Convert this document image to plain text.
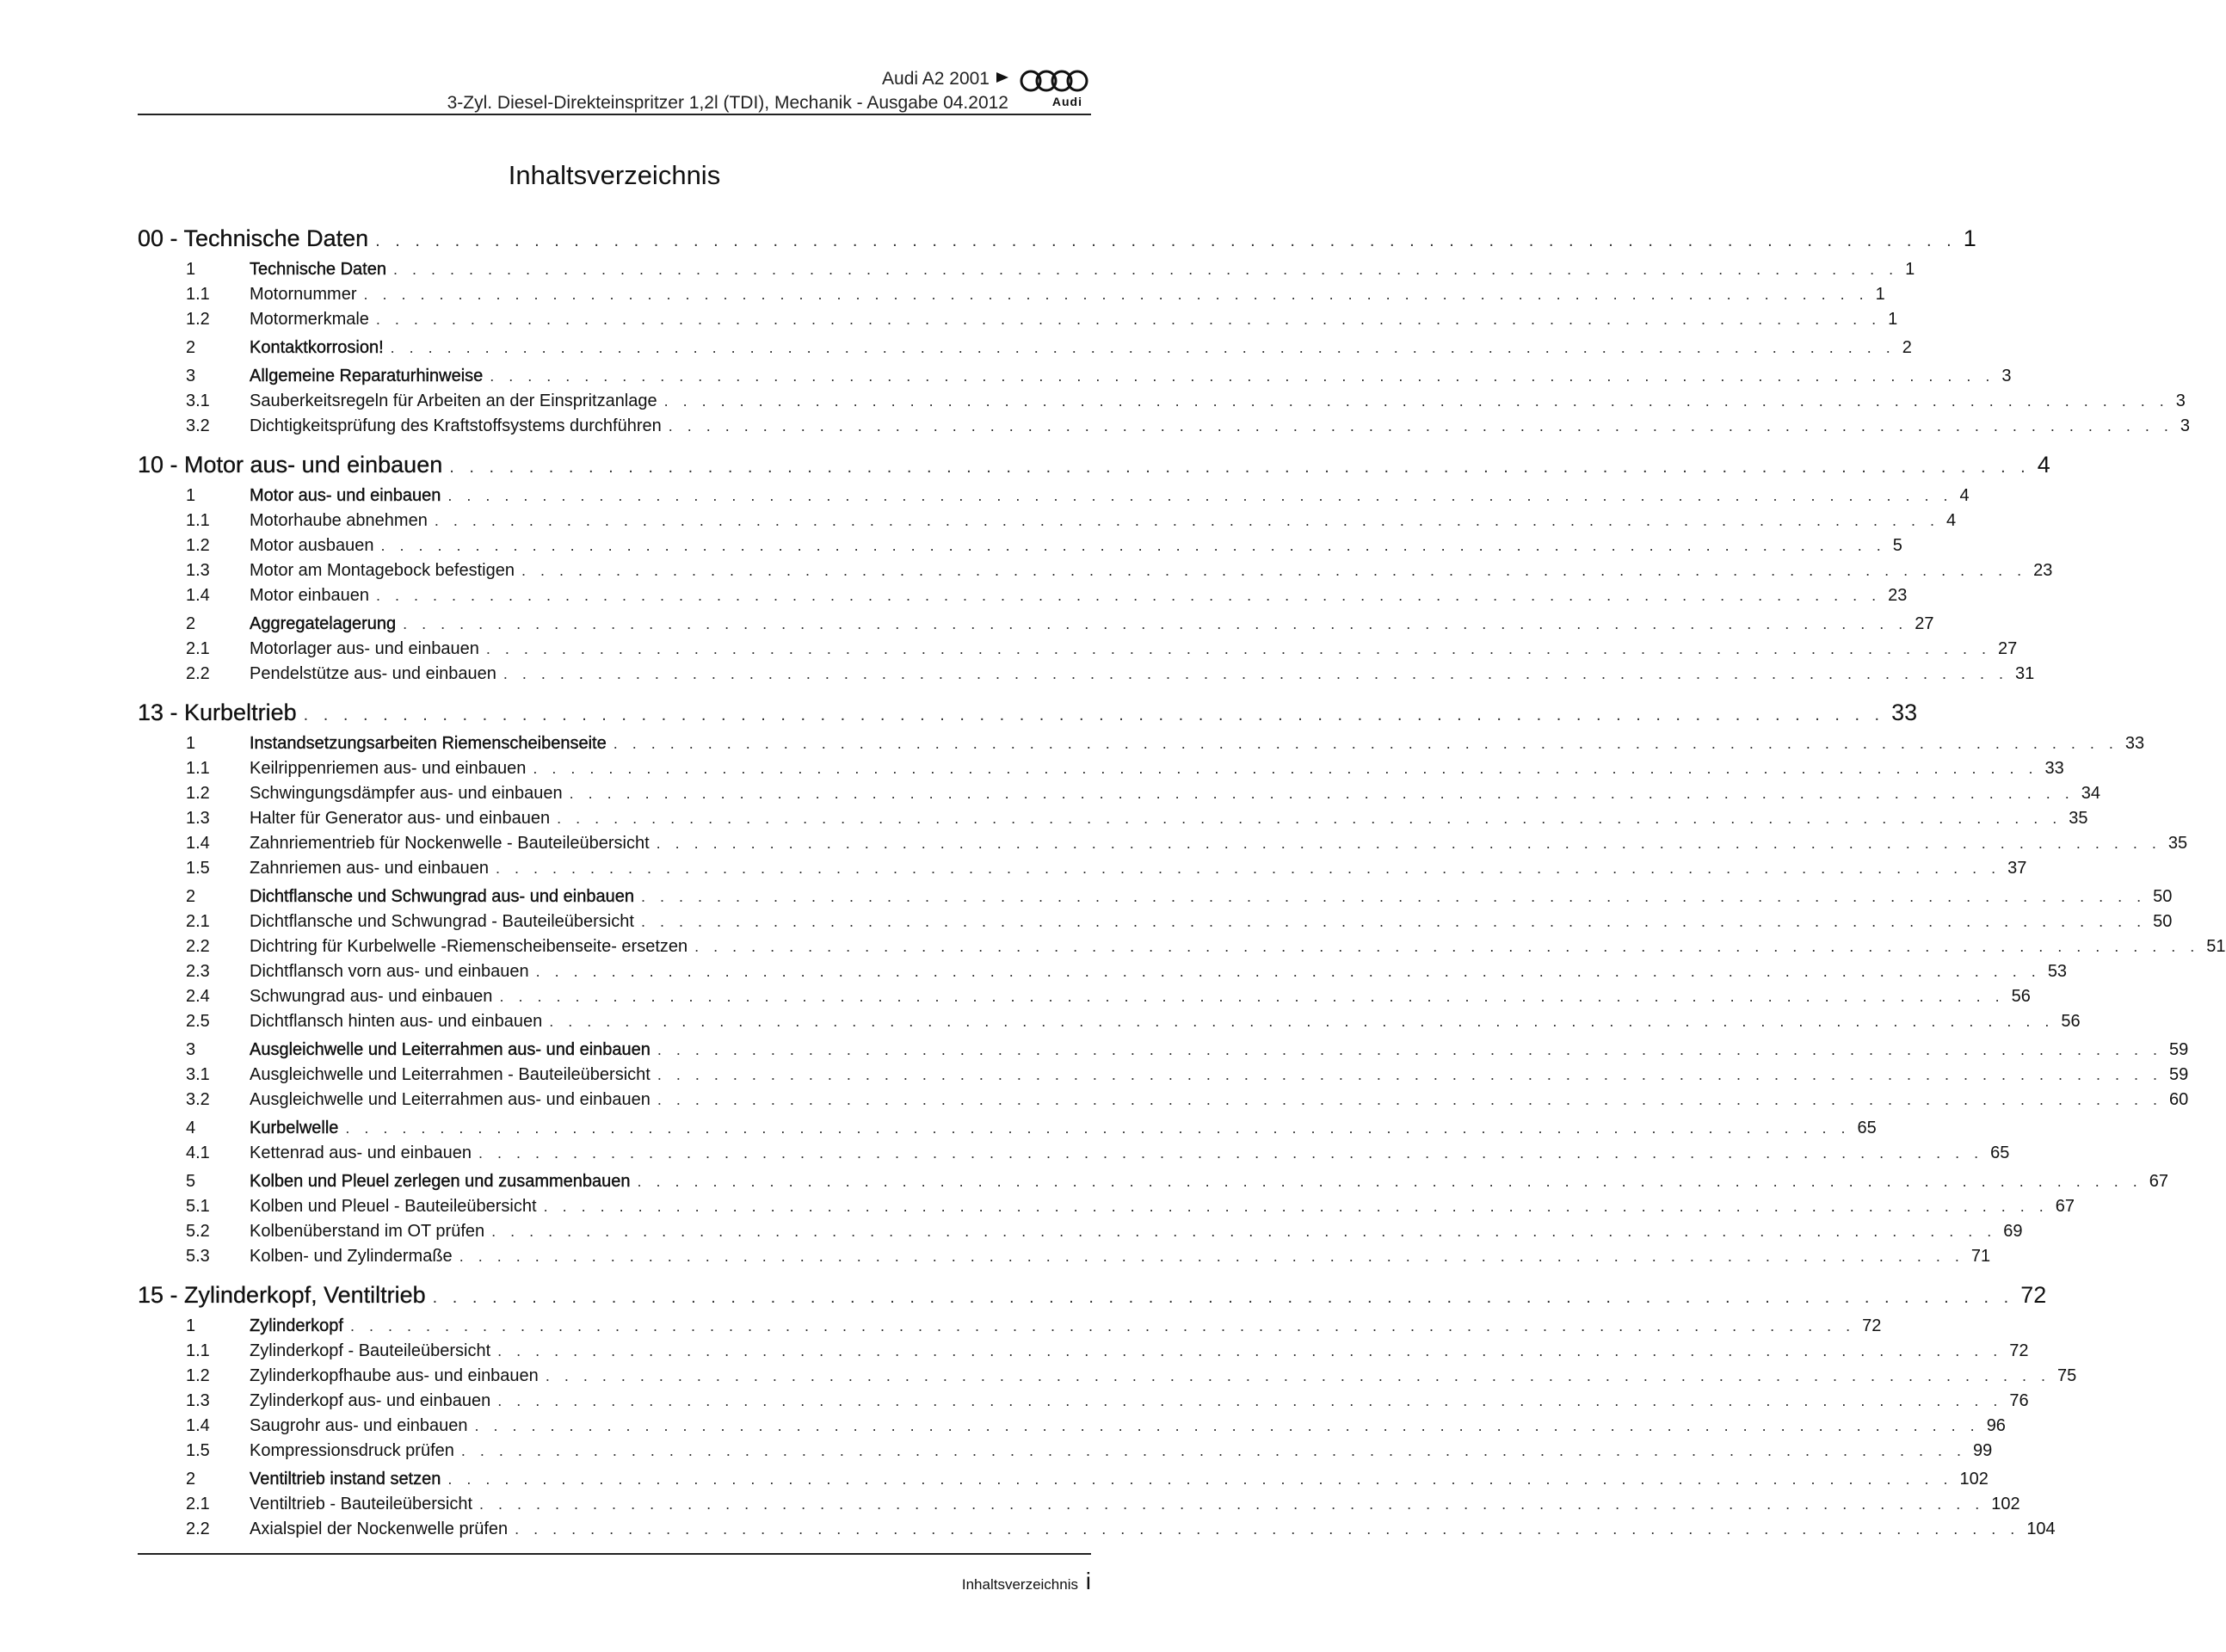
Audi A2 2001
3-Zyl. Diesel-Direkteinspritzer 1,2l (TDI), Mechanik - Ausgabe 04.2012	Audi
Inhaltsverzeichnis
00 - Technische Daten . . . . . . . . . . . . . . . . . . . . . . . . . . . . . . . . . . . . . . . . . . . . . . . . . . . . . . . . . . . . . . . . . . . . . . . . . . . . . . . . 1
1	Technische Daten . . . . . . . . . . . . . . . . . . . . . . . . . . . . . . . . . . . . . . . . . . . . . . . . . . . . . . . . . . . . . . . . . . . . . . . . . . . . . . . . 1
1.1 Motornummer . . . . . . . . . . . . . . . . . . . . . . . . . . . . . . . . . . . . . . . . . . . . . . . . . . . . . . . . . . . . . . . . . . . . . . . . . . . . . . . . 1
1.2 Motormerkmale . . . . . . . . . . . . . . . . . . . . . . . . . . . . . . . . . . . . . . . . . . . . . . . . . . . . . . . . . . . . . . . . . . . . . . . . . . . . . . . . 1
2	Kontaktkorrosion! . . . . . . . . . . . . . . . . . . . . . . . . . . . . . . . . . . . . . . . . . . . . . . . . . . . . . . . . . . . . . . . . . . . . . . . . . . . . . . . . 2
3	Allgemeine Reparaturhinweise . . . . . . . . . . . . . . . . . . . . . . . . . . . . . . . . . . . . . . . . . . . . . . . . . . . . . . . . . . . . . . . . . . . . . . . . . . . . . . . . 3
3.1 Sauberkeitsregeln für Arbeiten an der Einspritzanlage . . . . . . . . . . . . . . . . . . . . . . . . . . . . . . . . . . . . . . . . . . . . . . . . . . . . . . . . . . . . . . . . . . . . . . . . . . . . . . . . 3
3.2 Dichtigkeitsprüfung des Kraftstoffsystems durchführen . . . . . . . . . . . . . . . . . . . . . . . . . . . . . . . . . . . . . . . . . . . . . . . . . . . . . . . . . . . . . . . . . . . . . . . . . . . . . . . . 3
10 - Motor aus- und einbauen . . . . . . . . . . . . . . . . . . . . . . . . . . . . . . . . . . . . . . . . . . . . . . . . . . . . . . . . . . . . . . . . . . . . . . . . . . . . . . . . 4
1	Motor aus- und einbauen . . . . . . . . . . . . . . . . . . . . . . . . . . . . . . . . . . . . . . . . . . . . . . . . . . . . . . . . . . . . . . . . . . . . . . . . . . . . . . . . 4
1.1 Motorhaube abnehmen . . . . . . . . . . . . . . . . . . . . . . . . . . . . . . . . . . . . . . . . . . . . . . . . . . . . . . . . . . . . . . . . . . . . . . . . . . . . . . . . 4
1.2 Motor ausbauen . . . . . . . . . . . . . . . . . . . . . . . . . . . . . . . . . . . . . . . . . . . . . . . . . . . . . . . . . . . . . . . . . . . . . . . . . . . . . . . . 5
1.3 Motor am Montagebock befestigen . . . . . . . . . . . . . . . . . . . . . . . . . . . . . . . . . . . . . . . . . . . . . . . . . . . . . . . . . . . . . . . . . . . . . . . . . . . . . . . . 23
1.4 Motor einbauen . . . . . . . . . . . . . . . . . . . . . . . . . . . . . . . . . . . . . . . . . . . . . . . . . . . . . . . . . . . . . . . . . . . . . . . . . . . . . . . . 23
2	Aggregatelagerung . . . . . . . . . . . . . . . . . . . . . . . . . . . . . . . . . . . . . . . . . . . . . . . . . . . . . . . . . . . . . . . . . . . . . . . . . . . . . . . . 27
2.1 Motorlager aus- und einbauen . . . . . . . . . . . . . . . . . . . . . . . . . . . . . . . . . . . . . . . . . . . . . . . . . . . . . . . . . . . . . . . . . . . . . . . . . . . . . . . . 27
2.2 Pendelstütze aus- und einbauen . . . . . . . . . . . . . . . . . . . . . . . . . . . . . . . . . . . . . . . . . . . . . . . . . . . . . . . . . . . . . . . . . . . . . . . . . . . . . . . . 31
13 - Kurbeltrieb . . . . . . . . . . . . . . . . . . . . . . . . . . . . . . . . . . . . . . . . . . . . . . . . . . . . . . . . . . . . . . . . . . . . . . . . . . . . . . . . 33
1	Instandsetzungsarbeiten Riemenscheibenseite . . . . . . . . . . . . . . . . . . . . . . . . . . . . . . . . . . . . . . . . . . . . . . . . . . . . . . . . . . . . . . . . . . . . . . . . . . . . . . . . 33
1.1 Keilrippenriemen aus- und einbauen . . . . . . . . . . . . . . . . . . . . . . . . . . . . . . . . . . . . . . . . . . . . . . . . . . . . . . . . . . . . . . . . . . . . . . . . . . . . . . . . 33
1.2 Schwingungsdämpfer aus- und einbauen . . . . . . . . . . . . . . . . . . . . . . . . . . . . . . . . . . . . . . . . . . . . . . . . . . . . . . . . . . . . . . . . . . . . . . . . . . . . . . . . 34
1.3 Halter für Generator aus- und einbauen . . . . . . . . . . . . . . . . . . . . . . . . . . . . . . . . . . . . . . . . . . . . . . . . . . . . . . . . . . . . . . . . . . . . . . . . . . . . . . . . 35
1.4 Zahnriementrieb für Nockenwelle - Bauteileübersicht . . . . . . . . . . . . . . . . . . . . . . . . . . . . . . . . . . . . . . . . . . . . . . . . . . . . . . . . . . . . . . . . . . . . . . . . . . . . . . . . 35
1.5 Zahnriemen aus- und einbauen . . . . . . . . . . . . . . . . . . . . . . . . . . . . . . . . . . . . . . . . . . . . . . . . . . . . . . . . . . . . . . . . . . . . . . . . . . . . . . . . 37
2	Dichtflansche und Schwungrad aus- und einbauen . . . . . . . . . . . . . . . . . . . . . . . . . . . . . . . . . . . . . . . . . . . . . . . . . . . . . . . . . . . . . . . . . . . . . . . . . . . . . . . . 50
2.1 Dichtflansche und Schwungrad - Bauteileübersicht . . . . . . . . . . . . . . . . . . . . . . . . . . . . . . . . . . . . . . . . . . . . . . . . . . . . . . . . . . . . . . . . . . . . . . . . . . . . . . . . 50
2.2 Dichtring für Kurbelwelle -Riemenscheibenseite- ersetzen . . . . . . . . . . . . . . . . . . . . . . . . . . . . . . . . . . . . . . . . . . . . . . . . . . . . . . . . . . . . . . . . . . . . . . . . . . . . . . . . 51
2.3 Dichtflansch vorn aus- und einbauen . . . . . . . . . . . . . . . . . . . . . . . . . . . . . . . . . . . . . . . . . . . . . . . . . . . . . . . . . . . . . . . . . . . . . . . . . . . . . . . . 53
2.4 Schwungrad aus- und einbauen . . . . . . . . . . . . . . . . . . . . . . . . . . . . . . . . . . . . . . . . . . . . . . . . . . . . . . . . . . . . . . . . . . . . . . . . . . . . . . . . 56
2.5 Dichtflansch hinten aus- und einbauen . . . . . . . . . . . . . . . . . . . . . . . . . . . . . . . . . . . . . . . . . . . . . . . . . . . . . . . . . . . . . . . . . . . . . . . . . . . . . . . . 56
3	Ausgleichwelle und Leiterrahmen aus- und einbauen . . . . . . . . . . . . . . . . . . . . . . . . . . . . . . . . . . . . . . . . . . . . . . . . . . . . . . . . . . . . . . . . . . . . . . . . . . . . . . . . 59
3.1 Ausgleichwelle und Leiterrahmen - Bauteileübersicht . . . . . . . . . . . . . . . . . . . . . . . . . . . . . . . . . . . . . . . . . . . . . . . . . . . . . . . . . . . . . . . . . . . . . . . . . . . . . . . . 59
3.2 Ausgleichwelle und Leiterrahmen aus- und einbauen . . . . . . . . . . . . . . . . . . . . . . . . . . . . . . . . . . . . . . . . . . . . . . . . . . . . . . . . . . . . . . . . . . . . . . . . . . . . . . . . 60
4	Kurbelwelle . . . . . . . . . . . . . . . . . . . . . . . . . . . . . . . . . . . . . . . . . . . . . . . . . . . . . . . . . . . . . . . . . . . . . . . . . . . . . . . . 65
4.1 Kettenrad aus- und einbauen . . . . . . . . . . . . . . . . . . . . . . . . . . . . . . . . . . . . . . . . . . . . . . . . . . . . . . . . . . . . . . . . . . . . . . . . . . . . . . . . 65
5	Kolben und Pleuel zerlegen und zusammenbauen . . . . . . . . . . . . . . . . . . . . . . . . . . . . . . . . . . . . . . . . . . . . . . . . . . . . . . . . . . . . . . . . . . . . . . . . . . . . . . . . 67
5.1 Kolben und Pleuel - Bauteileübersicht . . . . . . . . . . . . . . . . . . . . . . . . . . . . . . . . . . . . . . . . . . . . . . . . . . . . . . . . . . . . . . . . . . . . . . . . . . . . . . . . 67
5.2 Kolbenüberstand im OT prüfen . . . . . . . . . . . . . . . . . . . . . . . . . . . . . . . . . . . . . . . . . . . . . . . . . . . . . . . . . . . . . . . . . . . . . . . . . . . . . . . . 69
5.3 Kolben- und Zylindermaße . . . . . . . . . . . . . . . . . . . . . . . . . . . . . . . . . . . . . . . . . . . . . . . . . . . . . . . . . . . . . . . . . . . . . . . . . . . . . . . . 71
15 - Zylinderkopf, Ventiltrieb . . . . . . . . . . . . . . . . . . . . . . . . . . . . . . . . . . . . . . . . . . . . . . . . . . . . . . . . . . . . . . . . . . . . . . . . . . . . . . . . 72
1	Zylinderkopf . . . . . . . . . . . . . . . . . . . . . . . . . . . . . . . . . . . . . . . . . . . . . . . . . . . . . . . . . . . . . . . . . . . . . . . . . . . . . . . . 72
1.1 Zylinderkopf - Bauteileübersicht . . . . . . . . . . . . . . . . . . . . . . . . . . . . . . . . . . . . . . . . . . . . . . . . . . . . . . . . . . . . . . . . . . . . . . . . . . . . . . . . 72
1.2 Zylinderkopfhaube aus- und einbauen . . . . . . . . . . . . . . . . . . . . . . . . . . . . . . . . . . . . . . . . . . . . . . . . . . . . . . . . . . . . . . . . . . . . . . . . . . . . . . . . 75
1.3 Zylinderkopf aus- und einbauen . . . . . . . . . . . . . . . . . . . . . . . . . . . . . . . . . . . . . . . . . . . . . . . . . . . . . . . . . . . . . . . . . . . . . . . . . . . . . . . . 76
1.4 Saugrohr aus- und einbauen . . . . . . . . . . . . . . . . . . . . . . . . . . . . . . . . . . . . . . . . . . . . . . . . . . . . . . . . . . . . . . . . . . . . . . . . . . . . . . . . 96
1.5 Kompressionsdruck prüfen . . . . . . . . . . . . . . . . . . . . . . . . . . . . . . . . . . . . . . . . . . . . . . . . . . . . . . . . . . . . . . . . . . . . . . . . . . . . . . . . 99
2	Ventiltrieb instand setzen . . . . . . . . . . . . . . . . . . . . . . . . . . . . . . . . . . . . . . . . . . . . . . . . . . . . . . . . . . . . . . . . . . . . . . . . . . . . . . . . 102
2.1 Ventiltrieb - Bauteileübersicht . . . . . . . . . . . . . . . . . . . . . . . . . . . . . . . . . . . . . . . . . . . . . . . . . . . . . . . . . . . . . . . . . . . . . . . . . . . . . . . . 102
2.2 Axialspiel der Nockenwelle prüfen . . . . . . . . . . . . . . . . . . . . . . . . . . . . . . . . . . . . . . . . . . . . . . . . . . . . . . . . . . . . . . . . . . . . . . . . . . . . . . . . 104
Inhaltsverzeichnis i
